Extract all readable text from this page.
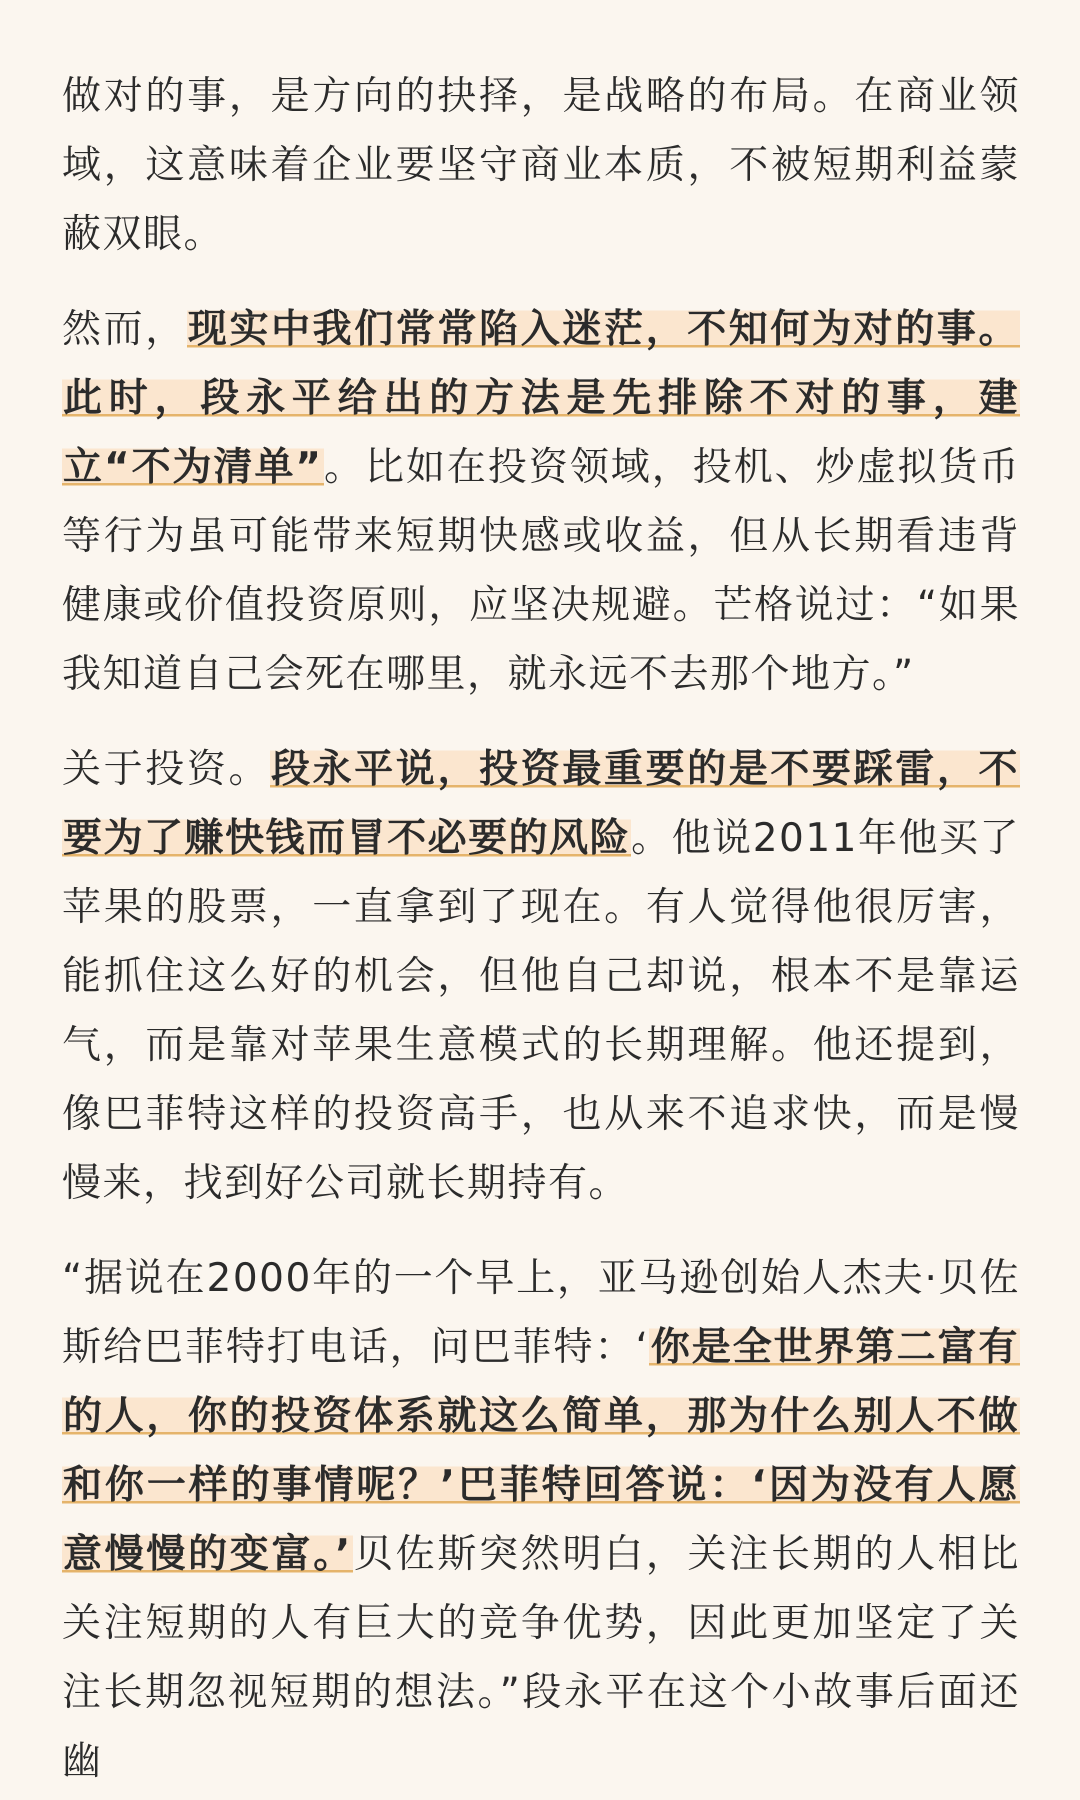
做对的事，是方向的抉择，是战略的布局。在商业领域，这意味着企业要坚守商业本质，不被短期利益蒙蔽双眼。

然而，现实中我们常常陷入迷茫，不知何为对的事。此时，段永平给出的方法是先排除不对的事，建立“不为清单”。比如在投资领域，投机、炒虚拟货币等行为虽可能带来短期快感或收益，但从长期看违背健康或价值投资原则，应坚决规避。芒格说过：“如果我知道自己会死在哪里，就永远不去那个地方。”

关于投资。段永平说，投资最重要的是不要踩雷，不要为了赚快钱而冒不必要的风险。他说2011年他买了苹果的股票，一直拿到了现在。有人觉得他很厉害，能抓住这么好的机会，但他自己却说，根本不是靠运气，而是靠对苹果生意模式的长期理解。他还提到，像巴菲特这样的投资高手，也从来不追求快，而是慢慢来，找到好公司就长期持有。

“据说在2000年的一个早上，亚马逊创始人杰夫·贝佐斯给巴菲特打电话，问巴菲特：‘你是全世界第二富有的人，你的投资体系就这么简单，那为什么别人不做和你一样的事情呢？’巴菲特回答说：‘因为没有人愿意慢慢的变富。’贝佐斯突然明白，关注长期的人相比关注短期的人有巨大的竞争优势，因此更加坚定了关注长期忽视短期的想法。”段永平在这个小故事后面还幽
